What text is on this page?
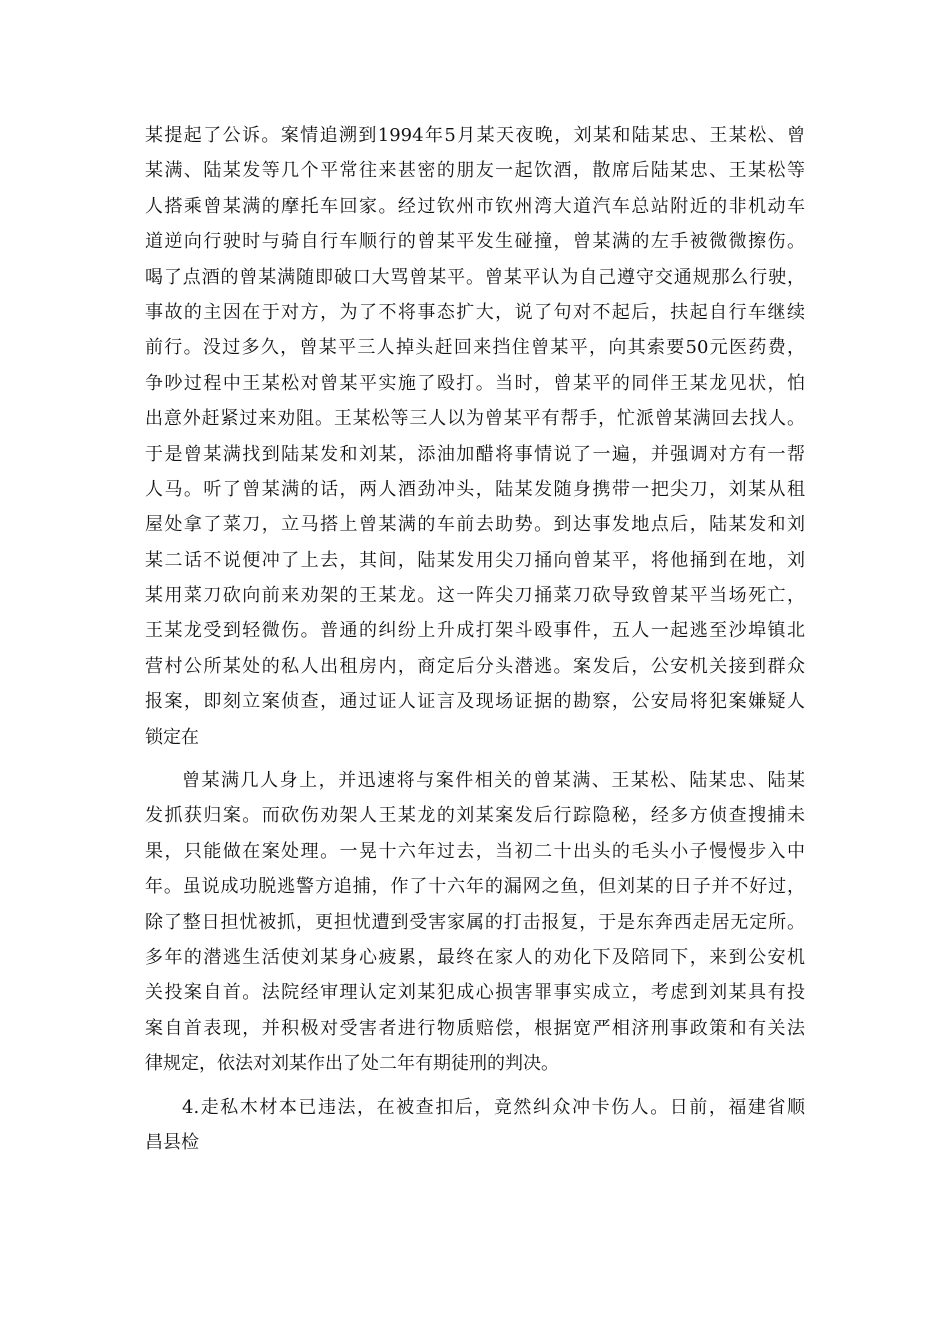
某提起了公诉。案情追溯到1994年5月某天夜晚，刘某和陆某忠、王某松、曾
某满、陆某发等几个平常往来甚密的朋友一起饮酒，散席后陆某忠、王某松等
人搭乘曾某满的摩托车回家。经过钦州市钦州湾大道汽车总站附近的非机动车
道逆向行驶时与骑自行车顺行的曾某平发生碰撞，曾某满的左手被微微擦伤。
喝了点酒的曾某满随即破口大骂曾某平。曾某平认为自己遵守交通规那么行驶，
事故的主因在于对方，为了不将事态扩大，说了句对不起后，扶起自行车继续
前行。没过多久，曾某平三人掉头赶回来挡住曾某平，向其索要50元医药费，
争吵过程中王某松对曾某平实施了殴打。当时，曾某平的同伴王某龙见状，怕
出意外赶紧过来劝阻。王某松等三人以为曾某平有帮手，忙派曾某满回去找人。
于是曾某满找到陆某发和刘某，添油加醋将事情说了一遍，并强调对方有一帮
人马。听了曾某满的话，两人酒劲冲头，陆某发随身携带一把尖刀，刘某从租
屋处拿了菜刀，立马搭上曾某满的车前去助势。到达事发地点后，陆某发和刘
某二话不说便冲了上去，其间，陆某发用尖刀捅向曾某平，将他捅到在地，刘
某用菜刀砍向前来劝架的王某龙。这一阵尖刀捅菜刀砍导致曾某平当场死亡，
王某龙受到轻微伤。普通的纠纷上升成打架斗殴事件，五人一起逃至沙埠镇北
营村公所某处的私人出租房内，商定后分头潜逃。案发后，公安机关接到群众
报案，即刻立案侦查，通过证人证言及现场证据的勘察，公安局将犯案嫌疑人
锁定在
曾某满几人身上，并迅速将与案件相关的曾某满、王某松、陆某忠、陆某
发抓获归案。而砍伤劝架人王某龙的刘某案发后行踪隐秘，经多方侦查搜捕未
果，只能做在案处理。一晃十六年过去，当初二十出头的毛头小子慢慢步入中
年。虽说成功脱逃警方追捕，作了十六年的漏网之鱼，但刘某的日子并不好过，
除了整日担忧被抓，更担忧遭到受害家属的打击报复，于是东奔西走居无定所。
多年的潜逃生活使刘某身心疲累，最终在家人的劝化下及陪同下，来到公安机
关投案自首。法院经审理认定刘某犯成心损害罪事实成立，考虑到刘某具有投
案自首表现，并积极对受害者进行物质赔偿，根据宽严相济刑事政策和有关法
律规定，依法对刘某作出了处二年有期徒刑的判决。
4.走私木材本已违法，在被查扣后，竟然纠众冲卡伤人。日前，福建省顺
昌县检
